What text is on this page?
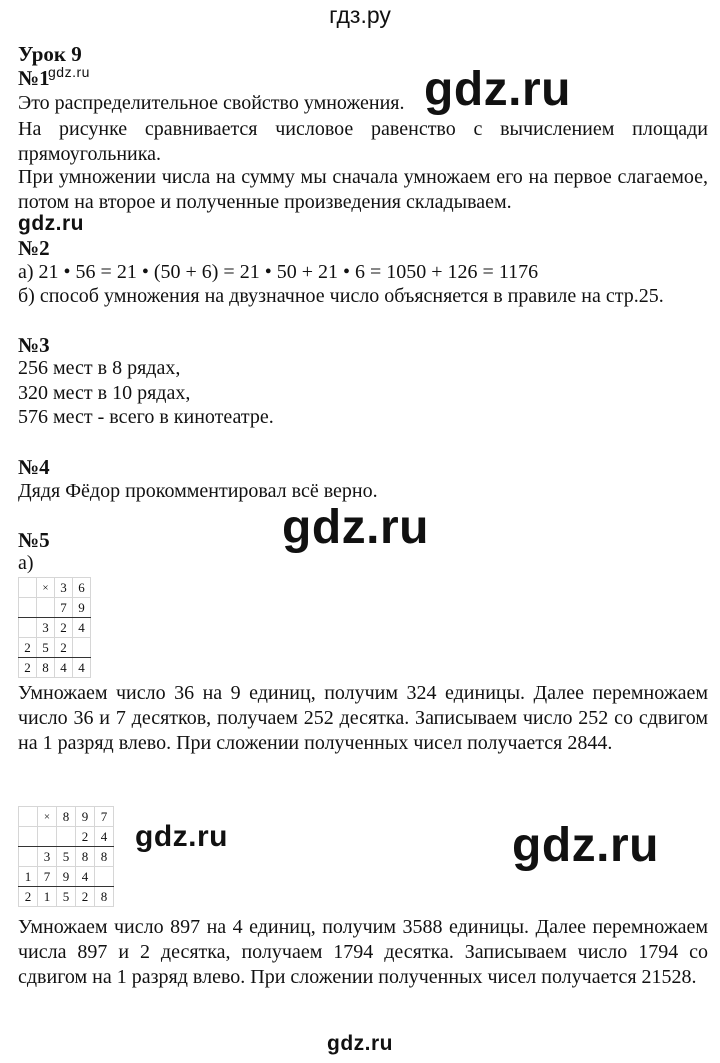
гдз.ру
Урок 9
№1
gdz.ru
Это распределительное свойство умножения. gdz.ru
На рисунке сравнивается числовое равенство с вычислением площади прямоугольника.
При умножении числа на сумму мы сначала умножаем его на первое слагаемое, потом на второе и полученные произведения складываем.
gdz.ru
№2
а) 21 • 56 = 21 • (50 + 6) = 21 • 50 + 21 • 6 = 1050 + 126 = 1176
б) способ умножения на двузначное число объясняется в правиле на стр.25.
№3
256 мест в 8 рядах,
320 мест в 10 рядах,
576 мест - всего в кинотеатре.
№4
Дядя Фёдор прокомментировал всё верно.
gdz.ru
№5
а)
	×	3	6
		7	9
	3	2	4
2	5	2	
2	8	4	4
Умножаем число 36 на 9 единиц, получим 324 единицы. Далее перемножаем число 36 и 7 десятков, получаем 252 десятка. Записываем число 252 со сдвигом на 1 разряд влево. При сложении полученных чисел получается 2844.
	×	8	9	7
			2	4
	3	5	8	8
1	7	9	4	
2	1	5	2	8
gdz.ru	gdz.ru
Умножаем число 897 на 4 единиц, получим 3588 единицы. Далее перемножаем числа 897 и 2 десятка, получаем 1794 десятка. Записываем число 1794 со сдвигом на 1 разряд влево. При сложении полученных чисел получается 21528.
gdz.ru
